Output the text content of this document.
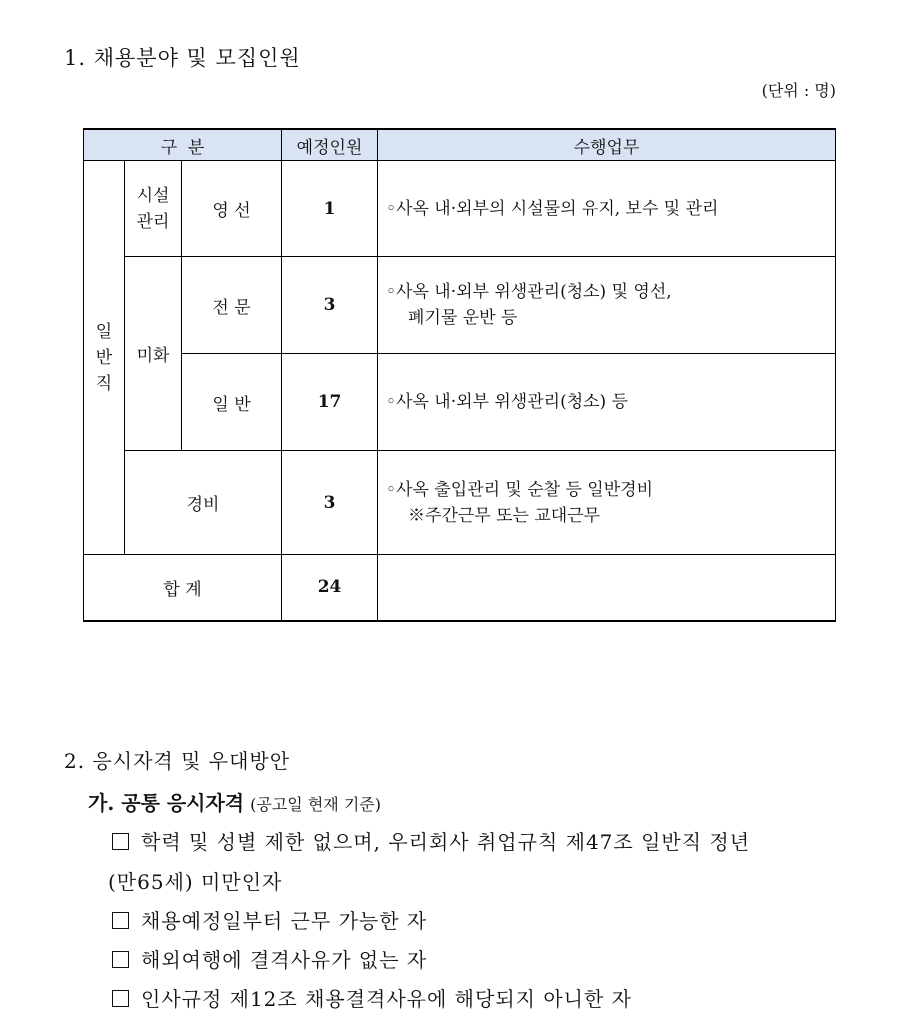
1. 채용분야 및 모집인원
(단위 : 명)
구  분			예정인원	수행업무
일반직	시설관리	영 선	1	◦사옥 내·외부의 시설물의 유지, 보수 및 관리

	미화	전 문	3	◦사옥 내·외부 위생관리(청소) 및 영선,
폐기물 운반 등

		일 반	17	◦사옥 내·외부 위생관리(청소) 등

	경비		3	◦사옥 출입관리 및 순찰 등 일반경비
※주간근무 또는 교대근무

합 계			24	
2. 응시자격 및 우대방안
가. 공통 응시자격 (공고일 현재 기준)
학력 및 성별 제한 없으며, 우리회사 취업규칙 제47조 일반직 정년
(만65세) 미만인자
채용예정일부터 근무 가능한 자
해외여행에 결격사유가 없는 자
인사규정 제12조 채용결격사유에 해당되지 아니한 자
